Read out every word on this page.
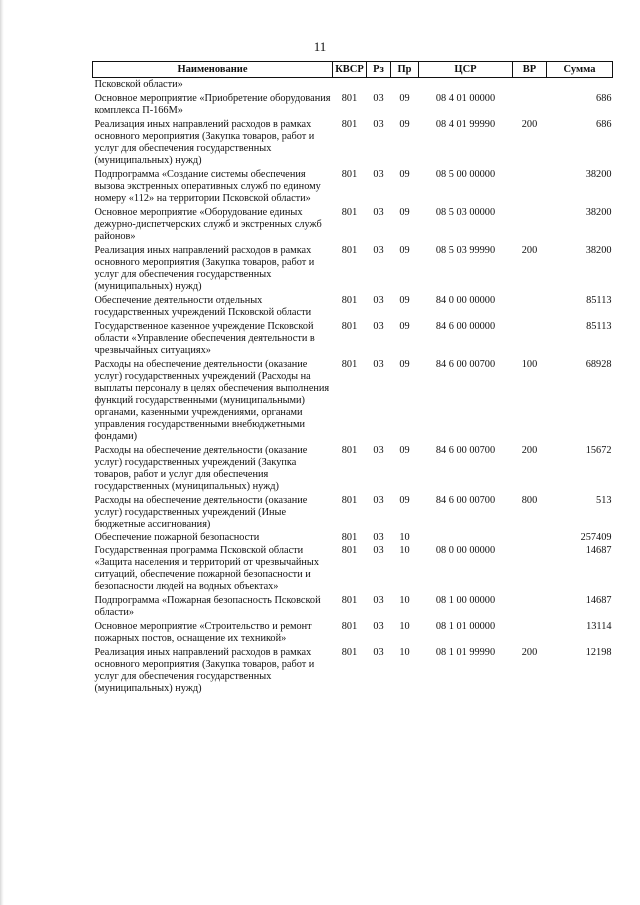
11
Наименование	КВСР	Рз	Пр	ЦСР	ВР	Сумма
Псковской области»						
Основное мероприятие «Приобретение оборудования комплекса П-166М»	801	03	09	08 4 01 00000		686
Реализация иных направлений расходов в рамках основного мероприятия (Закупка товаров, работ и услуг для обеспечения государственных (муниципальных) нужд)	801	03	09	08 4 01 99990	200	686
Подпрограмма «Создание системы обеспечения вызова экстренных оперативных служб по единому номеру «112» на территории Псковской области»	801	03	09	08 5 00 00000		38200
Основное мероприятие «Оборудование единых дежурно-диспетчерских служб и экстренных служб районов»	801	03	09	08 5 03 00000		38200
Реализация иных направлений расходов в рамках основного мероприятия (Закупка товаров, работ и услуг для обеспечения государственных (муниципальных) нужд)	801	03	09	08 5 03 99990	200	38200
Обеспечение деятельности отдельных государственных учреждений Псковской области	801	03	09	84 0 00 00000		85113
Государственное казенное учреждение Псковской области «Управление обеспечения деятельности в чрезвычайных ситуациях»	801	03	09	84 6 00 00000		85113
Расходы на обеспечение деятельности (оказание услуг) государственных учреждений (Расходы на выплаты персоналу в целях обеспечения выполнения функций государственными (муниципальными) органами, казенными учреждениями, органами управления государственными внебюджетными фондами)	801	03	09	84 6 00 00700	100	68928
Расходы на обеспечение деятельности (оказание услуг) государственных учреждений (Закупка товаров, работ и услуг для обеспечения государственных (муниципальных) нужд)	801	03	09	84 6 00 00700	200	15672
Расходы на обеспечение деятельности (оказание услуг) государственных учреждений (Иные бюджетные ассигнования)	801	03	09	84 6 00 00700	800	513
Обеспечение пожарной безопасности	801	03	10			257409
Государственная программа Псковской области «Защита населения и территорий от чрезвычайных ситуаций, обеспечение пожарной безопасности и безопасности людей на водных объектах»	801	03	10	08 0 00 00000		14687
Подпрограмма «Пожарная безопасность Псковской области»	801	03	10	08 1 00 00000		14687
Основное мероприятие «Строительство и ремонт пожарных постов, оснащение их техникой»	801	03	10	08 1 01 00000		13114
Реализация иных направлений расходов в рамках основного мероприятия (Закупка товаров, работ и услуг для обеспечения государственных (муниципальных) нужд)	801	03	10	08 1 01 99990	200	12198
